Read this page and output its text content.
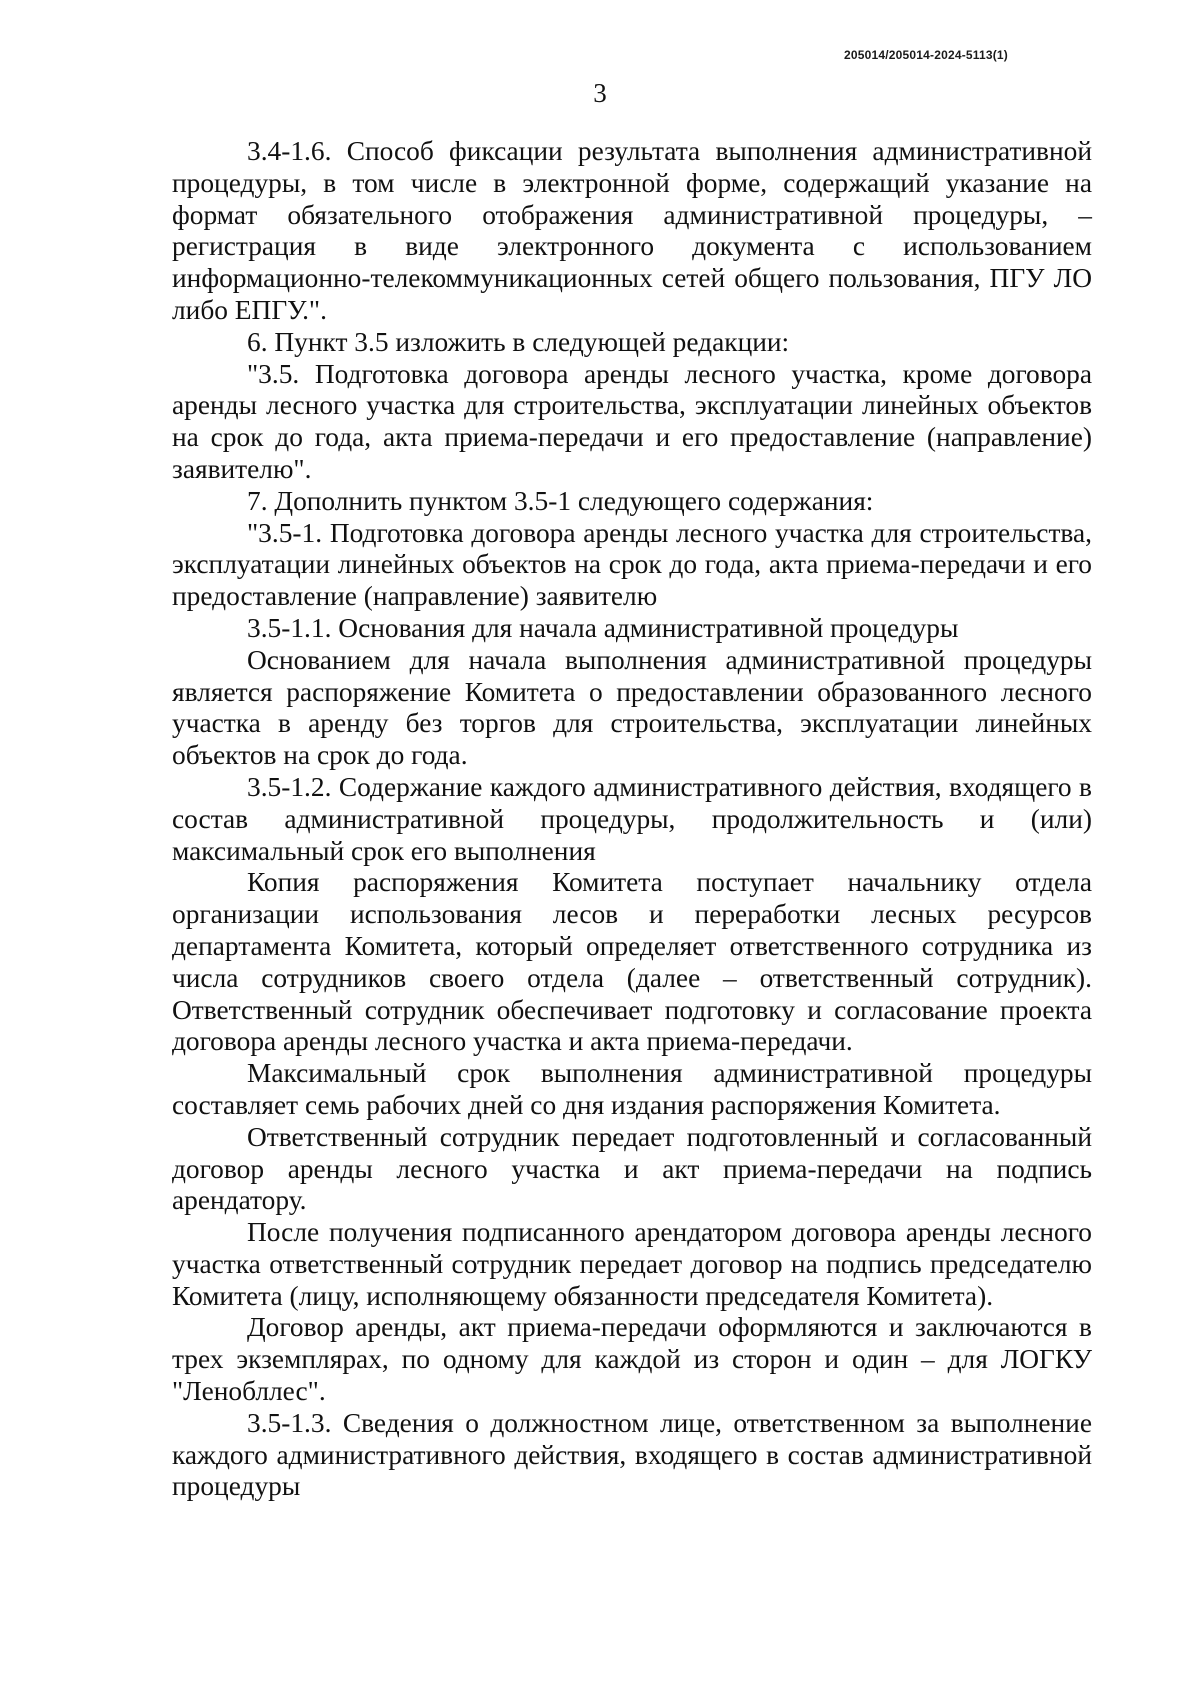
205014/205014-2024-5113(1)
3

3.4-1.6. Способ фиксации результата выполнения административной процедуры, в том числе в электронной форме, содержащий указание на формат обязательного отображения административной процедуры, – регистрация в виде электронного документа с использованием информационно-телекоммуникационных сетей общего пользования, ПГУ ЛО либо ЕПГУ.".

6. Пункт 3.5 изложить в следующей редакции:

"3.5. Подготовка договора аренды лесного участка, кроме договора аренды лесного участка для строительства, эксплуатации линейных объектов на срок до года, акта приема-передачи и его предоставление (направление) заявителю".

7. Дополнить пунктом 3.5-1 следующего содержания:

"3.5-1. Подготовка договора аренды лесного участка для строительства, эксплуатации линейных объектов на срок до года, акта приема-передачи и его предоставление (направление) заявителю

3.5-1.1. Основания для начала административной процедуры

Основанием для начала выполнения административной процедуры является распоряжение Комитета о предоставлении образованного лесного участка в аренду без торгов для строительства, эксплуатации линейных объектов на срок до года.

3.5-1.2. Содержание каждого административного действия, входящего в состав административной процедуры, продолжительность и (или) максимальный срок его выполнения

Копия распоряжения Комитета поступает начальнику отдела организации использования лесов и переработки лесных ресурсов департамента Комитета, который определяет ответственного сотрудника из числа сотрудников своего отдела (далее – ответственный сотрудник). Ответственный сотрудник обеспечивает подготовку и согласование проекта договора аренды лесного участка и акта приема-передачи.

Максимальный срок выполнения административной процедуры составляет семь рабочих дней со дня издания распоряжения Комитета.

Ответственный сотрудник передает подготовленный и согласованный договор аренды лесного участка и акт приема-передачи на подпись арендатору.

После получения подписанного арендатором договора аренды лесного участка ответственный сотрудник передает договор на подпись председателю Комитета (лицу, исполняющему обязанности председателя Комитета).

Договор аренды, акт приема-передачи оформляются и заключаются в трех экземплярах, по одному для каждой из сторон и один – для ЛОГКУ "Ленобллес".

3.5-1.3. Сведения о должностном лице, ответственном за выполнение каждого административного действия, входящего в состав административной процедуры
